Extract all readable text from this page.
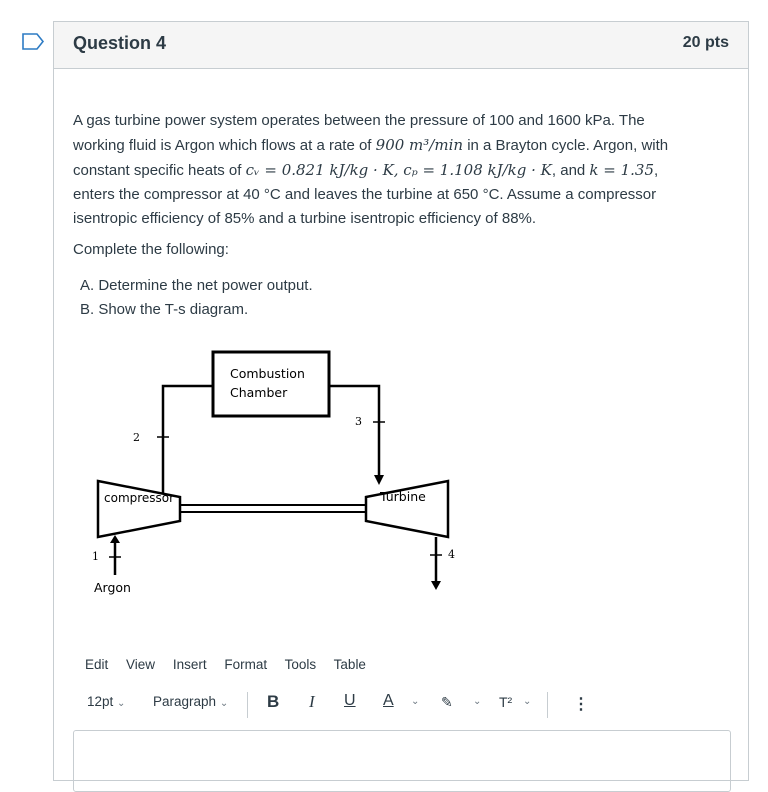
Question 4	20 pts
A gas turbine power system operates between the pressure of 100 and 1600 kPa. The
working fluid is Argon which flows at a rate of 900 m³/min in a Brayton cycle. Argon, with
constant specific heats of cᵥ = 0.821 kJ/kg · K, cₚ = 1.108 kJ/kg · K, and k = 1.35,
enters the compressor at 40 °C and leaves the turbine at 650 °C. Assume a compressor
isentropic efficiency of 85% and a turbine isentropic efficiency of 88%.
Complete the following:
A. Determine the net power output.
B. Show the T-s diagram.
Combustion
Chamber
compressor	Turbine
1	4
2
3
Argon
Edit View Insert Format Tools Table
12pt ⌄ Paragraph ⌄ B I U A ⌄ ✎ ⌄ T² ⌄	⋮
